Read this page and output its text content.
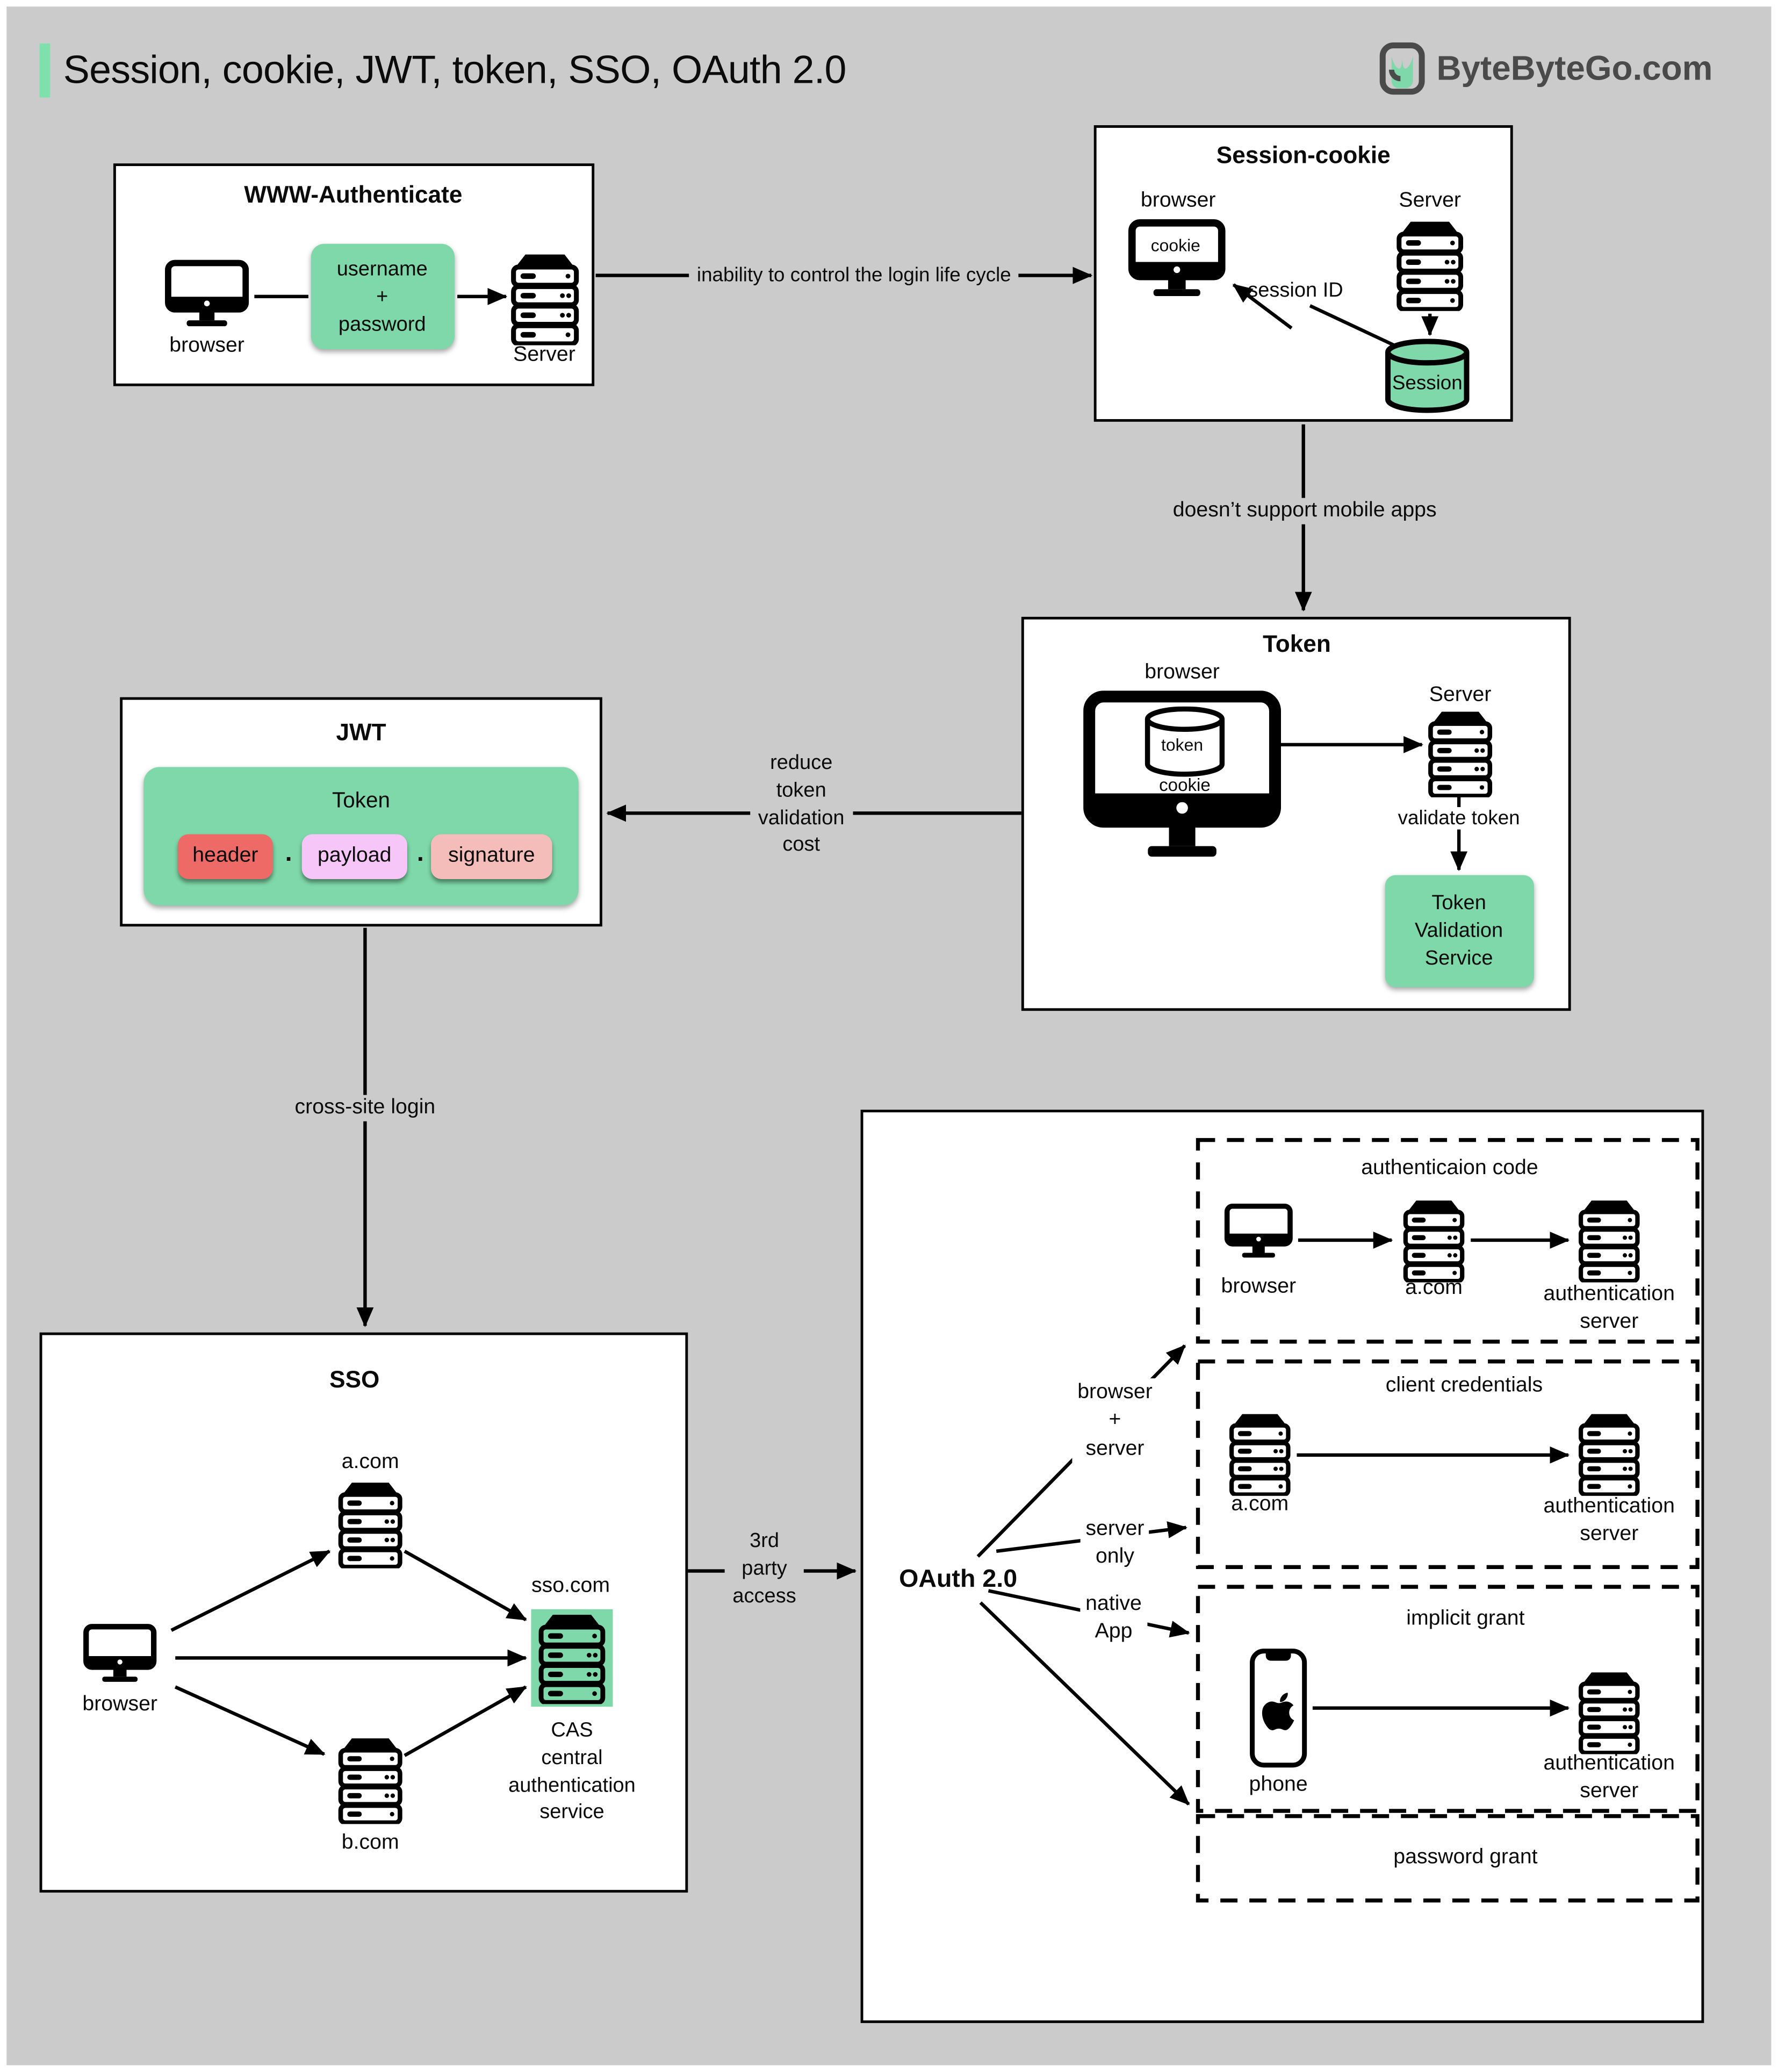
Session, cookie, JWT, token, SSO, OAuth 2.0	ByteByteGo.com
WWW-Authenticate
browser
username
+
password
Server
inability to control the login life cycle
doesn’t support mobile apps
reduce
token
validation
cost
cross-site login
3rd
party
access
Session-cookie
browser
cookie
Server
session ID
Session
Token
browser
token
cookie
Server
validate token
Token
Validation
Service
JWT
Token
header	.	payload .	signature
SSO
a.com
browser
sso.com
CAS
central
authentication
service
b.com
OAuth 2.0
browser
+
server
server
only
native
App
authenticaion code
browser	a.com	authentication
server
client credentials
a.com	authentication
server
implicit grant
phone
authentication
server
password grant
